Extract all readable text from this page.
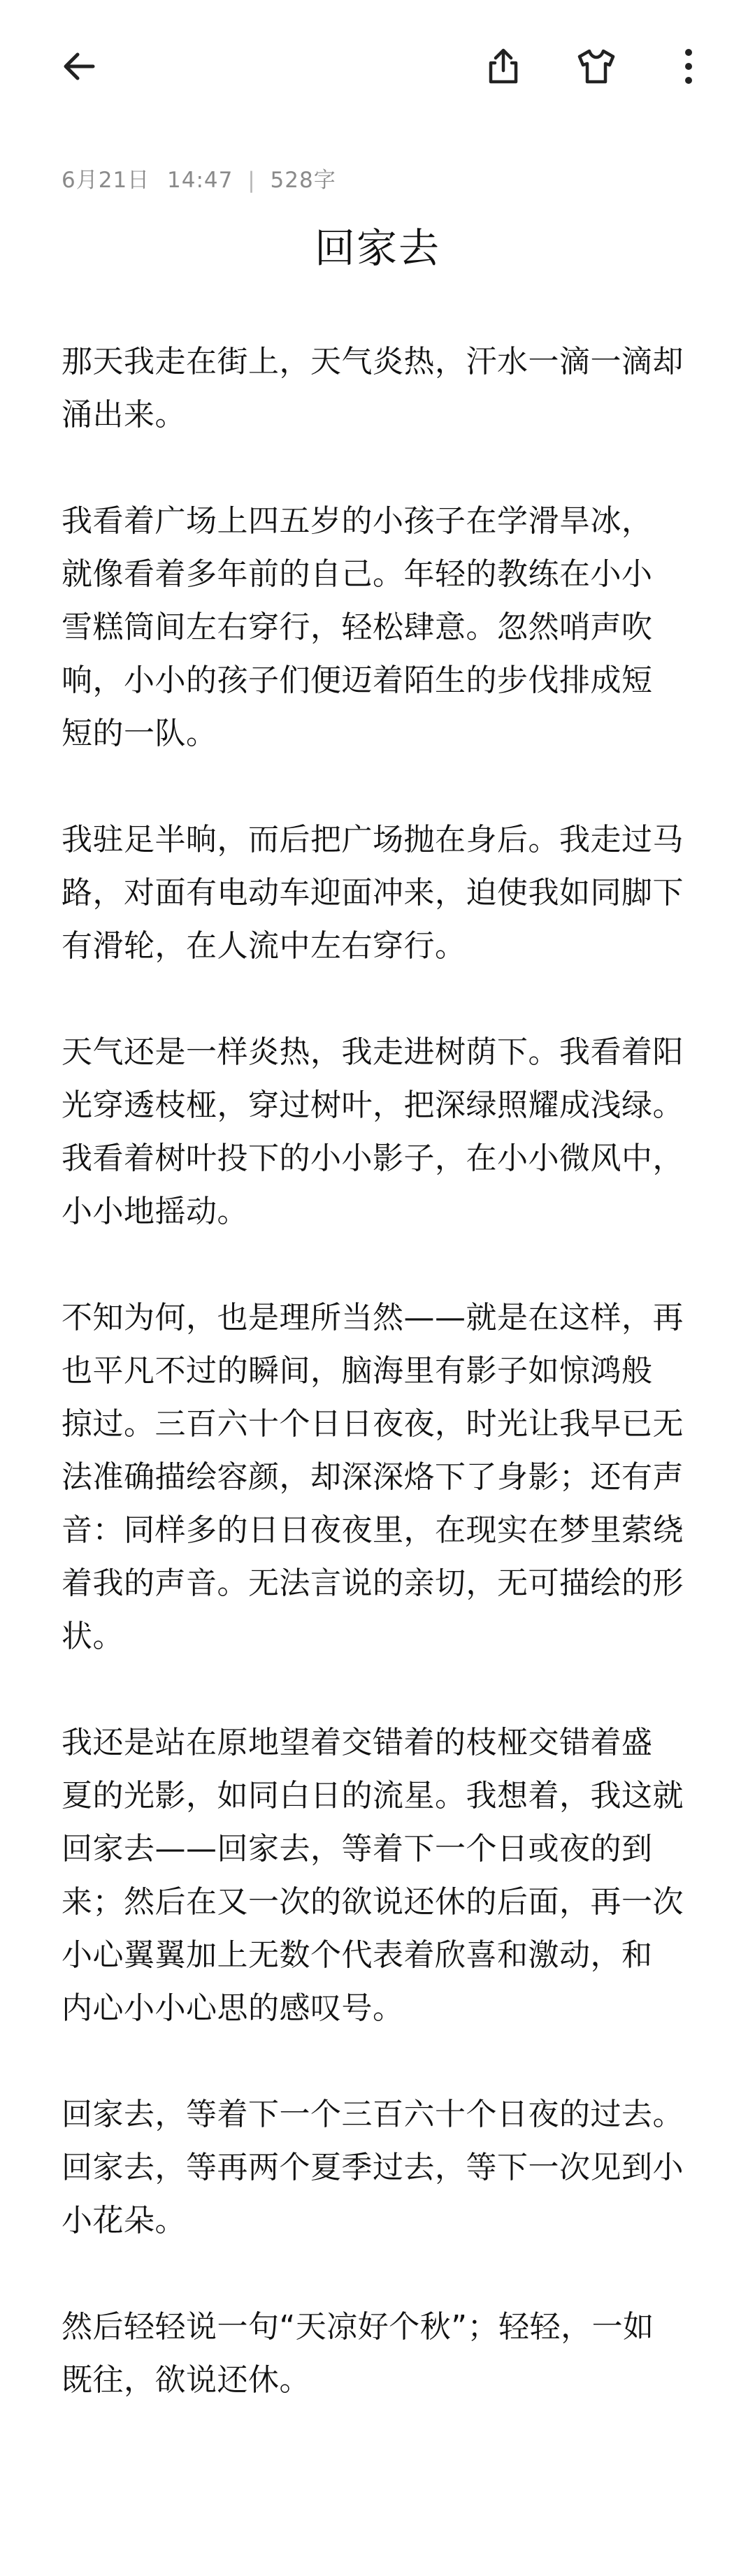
6月21日 14:47 | 528字
回家去

那天我走在街上，天气炎热，汗水一滴一滴却
涌出来。

我看着广场上四五岁的小孩子在学滑旱冰，
就像看着多年前的自己。年轻的教练在小小
雪糕筒间左右穿行，轻松肆意。忽然哨声吹
响，小小的孩子们便迈着陌生的步伐排成短
短的一队。

我驻足半晌，而后把广场抛在身后。我走过马
路，对面有电动车迎面冲来，迫使我如同脚下
有滑轮，在人流中左右穿行。

天气还是一样炎热，我走进树荫下。我看着阳
光穿透枝桠，穿过树叶，把深绿照耀成浅绿。
我看着树叶投下的小小影子，在小小微风中，
小小地摇动。

不知为何，也是理所当然——就是在这样，再
也平凡不过的瞬间，脑海里有影子如惊鸿般
掠过。三百六十个日日夜夜，时光让我早已无
法准确描绘容颜，却深深烙下了身影；还有声
音：同样多的日日夜夜里，在现实在梦里萦绕
着我的声音。无法言说的亲切，无可描绘的形
状。

我还是站在原地望着交错着的枝桠交错着盛
夏的光影，如同白日的流星。我想着，我这就
回家去——回家去，等着下一个日或夜的到
来；然后在又一次的欲说还休的后面，再一次
小心翼翼加上无数个代表着欣喜和激动，和
内心小小心思的感叹号。

回家去，等着下一个三百六十个日夜的过去。
回家去，等再两个夏季过去，等下一次见到小
小花朵。

然后轻轻说一句“天凉好个秋”；轻轻，一如
既往，欲说还休。
